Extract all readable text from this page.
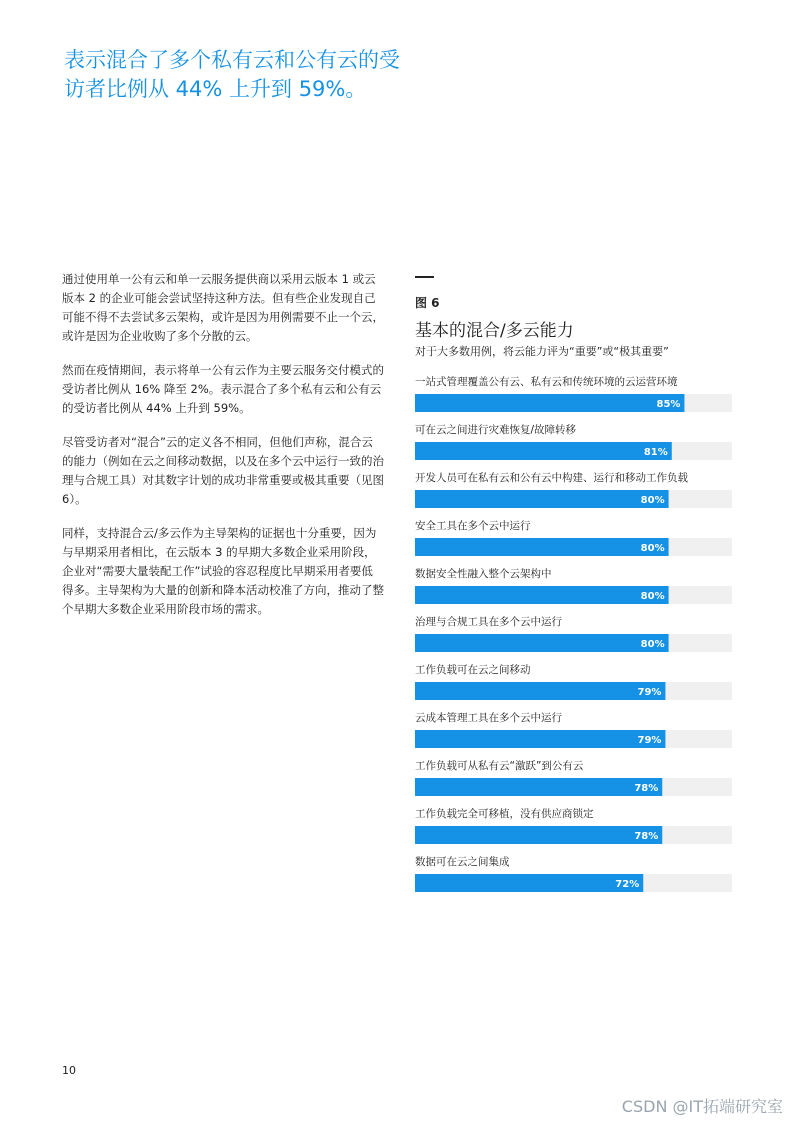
表示混合了多个私有云和公有云的受访者比例从 44% 上升到 59%。

通过使用单一公有云和单一云服务提供商以采用云版本 1 或云版本 2 的企业可能会尝试坚持这种方法。但有些企业发现自己可能不得不去尝试多云架构，或许是因为用例需要不止一个云，或许是因为企业收购了多个分散的云。

然而在疫情期间，表示将单一公有云作为主要云服务交付模式的受访者比例从 16% 降至 2%。表示混合了多个私有云和公有云的受访者比例从 44% 上升到 59%。

尽管受访者对“混合”云的定义各不相同，但他们声称，混合云的能力（例如在云之间移动数据，以及在多个云中运行一致的治理与合规工具）对其数字计划的成功非常重要或极其重要（见图 6）。

同样，支持混合云/多云作为主导架构的证据也十分重要，因为与早期采用者相比，在云版本 3 的早期大多数企业采用阶段，企业对“需要大量装配工作”试验的容忍程度比早期采用者要低得多。主导架构为大量的创新和降本活动校准了方向，推动了整个早期大多数企业采用阶段市场的需求。

图 6
基本的混合/多云能力
对于大多数用例，将云能力评为“重要”或“极其重要”
一站式管理覆盖公有云、私有云和传统环境的云运营环境
85%
可在云之间进行灾难恢复/故障转移
81%
开发人员可在私有云和公有云中构建、运行和移动工作负载
80%
安全工具在多个云中运行
80%
数据安全性融入整个云架构中
80%
治理与合规工具在多个云中运行
80%
工作负载可在云之间移动
79%
云成本管理工具在多个云中运行
79%
工作负载可从私有云“激跃”到公有云
78%
工作负载完全可移植，没有供应商锁定
78%
数据可在云之间集成
72%
10
CSDN @IT拓端研究室
